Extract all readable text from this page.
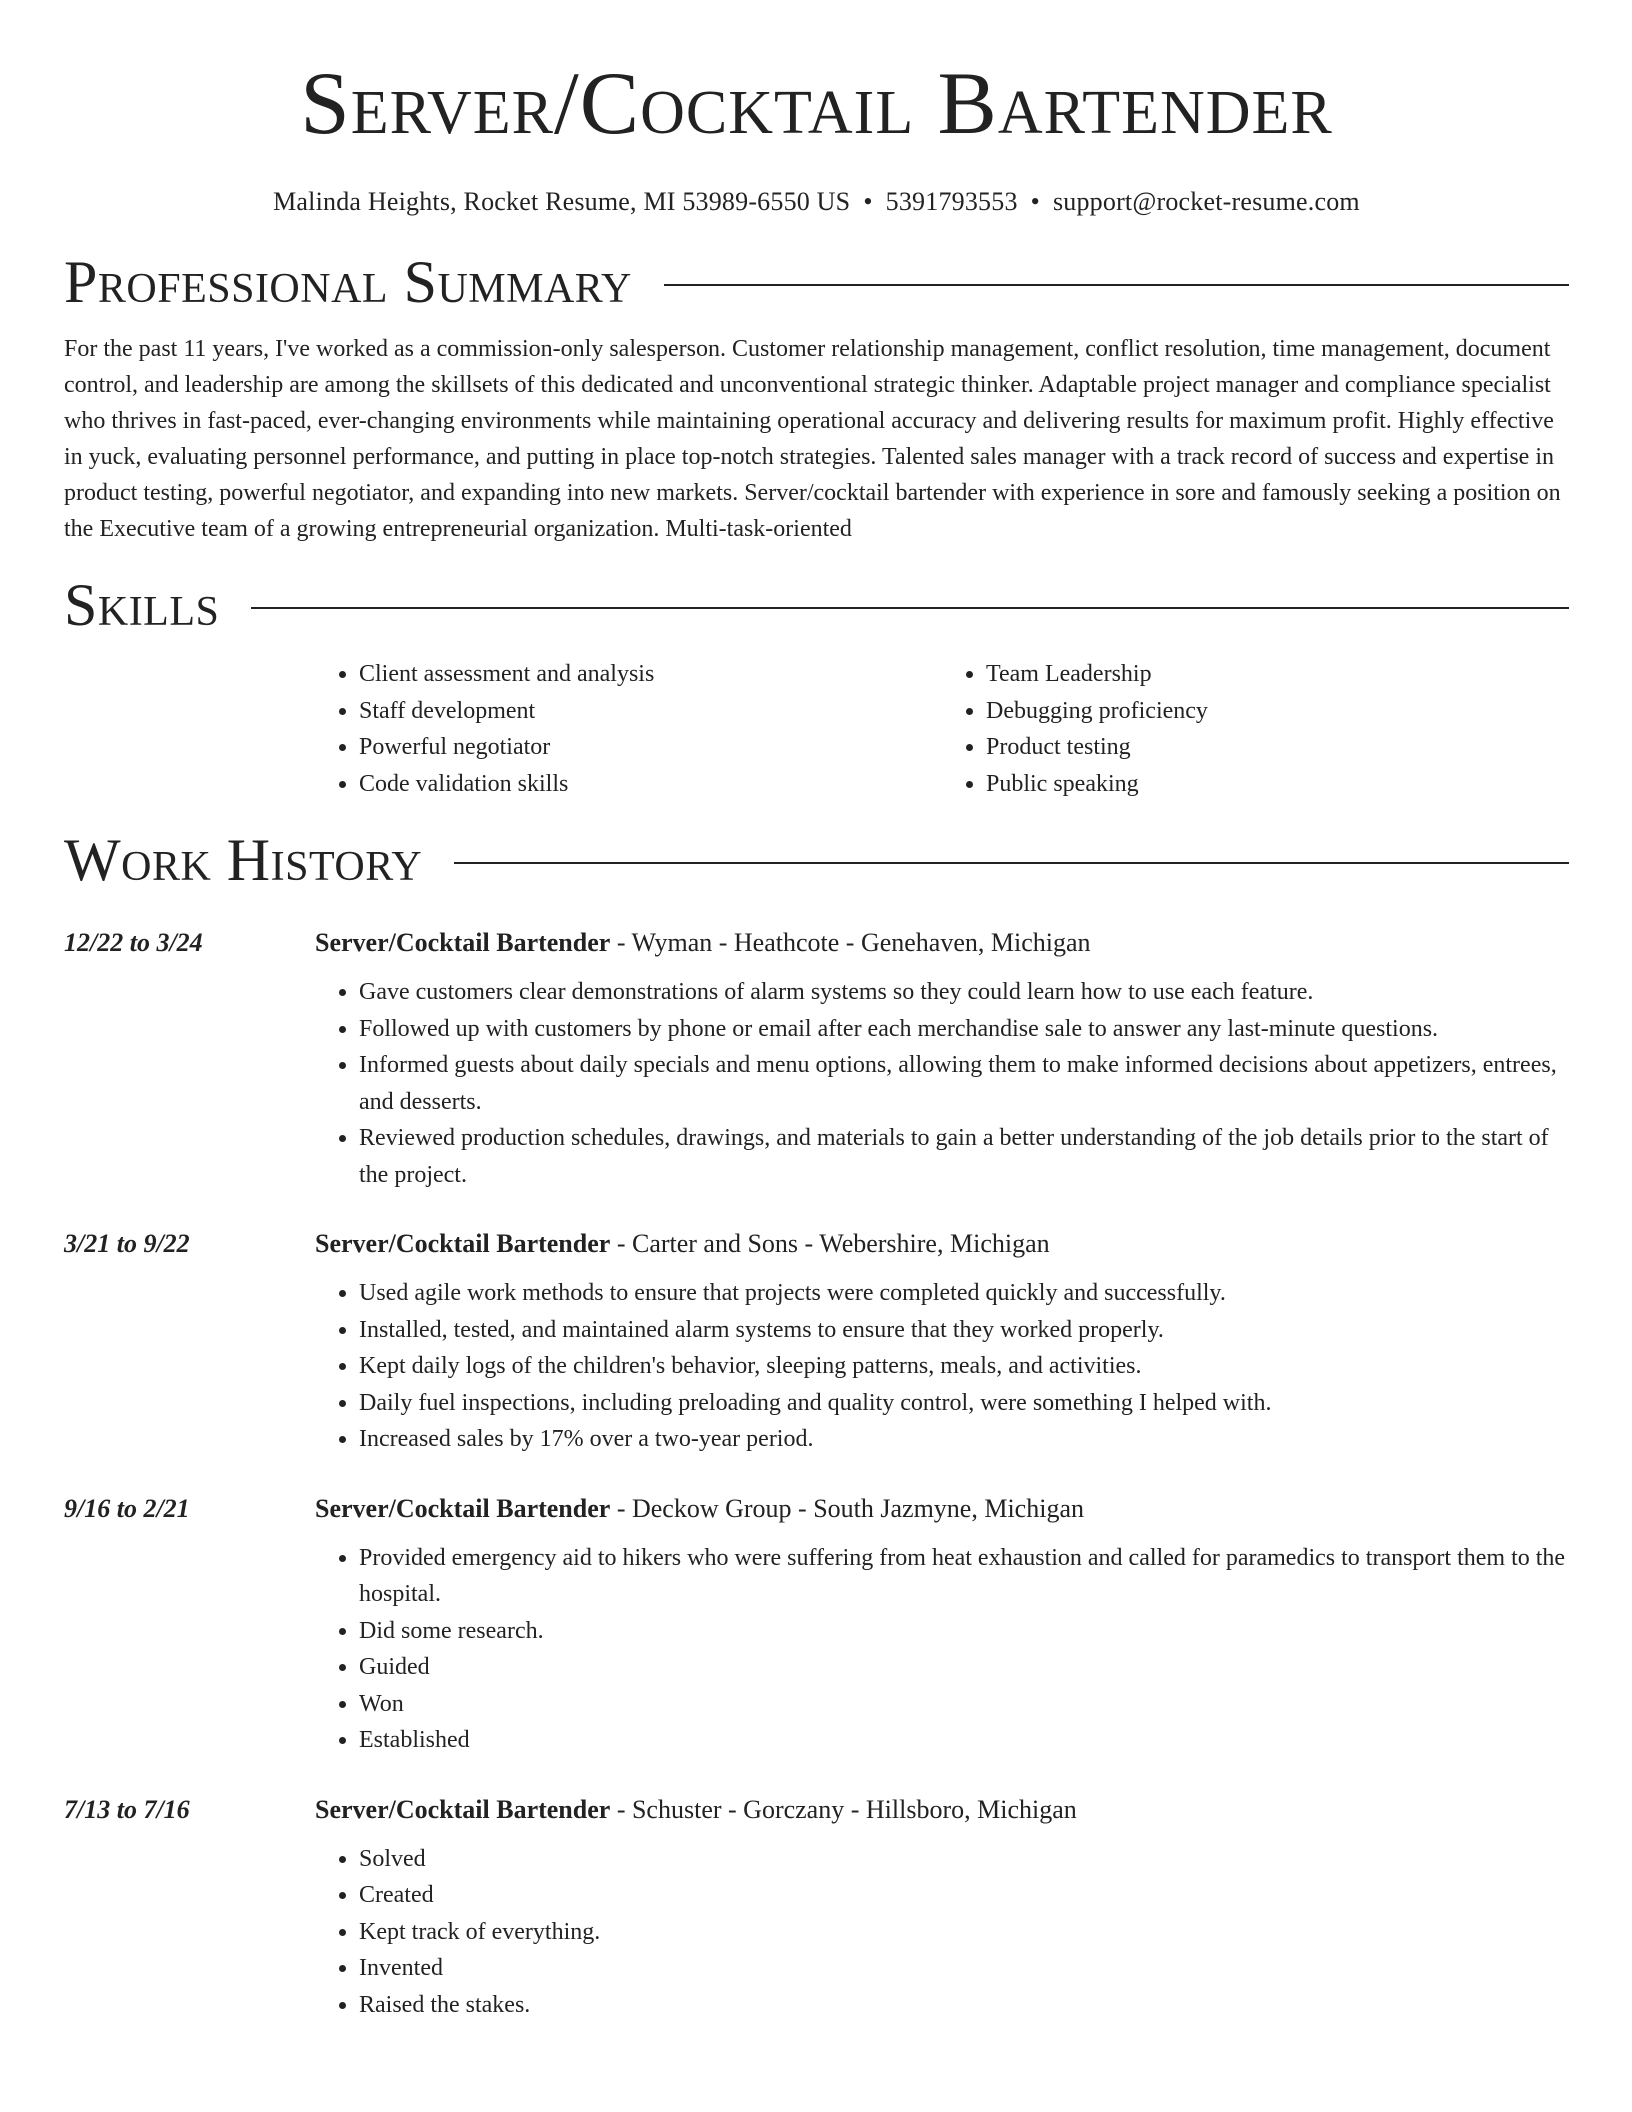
Server/Cocktail Bartender
Malinda Heights, Rocket Resume, MI 53989-6550 US • 5391793553 • support@rocket-resume.com
Professional Summary

For the past 11 years, I've worked as a commission-only salesperson. Customer relationship management, conflict resolution, time management, document control, and leadership are among the skillsets of this dedicated and unconventional strategic thinker. Adaptable project manager and compliance specialist who thrives in fast-paced, ever-changing environments while maintaining operational accuracy and delivering results for maximum profit. Highly effective in yuck, evaluating personnel performance, and putting in place top-notch strategies. Talented sales manager with a track record of success and expertise in product testing, powerful negotiator, and expanding into new markets. Server/cocktail bartender with experience in sore and famously seeking a position on the Executive team of a growing entrepreneurial organization. Multi-task-oriented

Skills
• Client assessment and analysis
• Staff development
• Powerful negotiator
• Code validation skills
• Team Leadership
• Debugging proficiency
• Product testing
• Public speaking
Work History
12/22 to 3/24	Server/Cocktail Bartender - Wyman - Heathcote - Genehaven, Michigan
• Gave customers clear demonstrations of alarm systems so they could learn how to use each feature.
• Followed up with customers by phone or email after each merchandise sale to answer any last-minute questions.
• Informed guests about daily specials and menu options, allowing them to make informed decisions about appetizers, entrees, and desserts.
• Reviewed production schedules, drawings, and materials to gain a better understanding of the job details prior to the start of the project.
3/21 to 9/22	Server/Cocktail Bartender - Carter and Sons - Webershire, Michigan
• Used agile work methods to ensure that projects were completed quickly and successfully.
• Installed, tested, and maintained alarm systems to ensure that they worked properly.
• Kept daily logs of the children's behavior, sleeping patterns, meals, and activities.
• Daily fuel inspections, including preloading and quality control, were something I helped with.
• Increased sales by 17% over a two-year period.
9/16 to 2/21	Server/Cocktail Bartender - Deckow Group - South Jazmyne, Michigan
• Provided emergency aid to hikers who were suffering from heat exhaustion and called for paramedics to transport them to the hospital.
• Did some research.
• Guided
• Won
• Established
7/13 to 7/16	Server/Cocktail Bartender - Schuster - Gorczany - Hillsboro, Michigan
• Solved
• Created
• Kept track of everything.
• Invented
• Raised the stakes.
